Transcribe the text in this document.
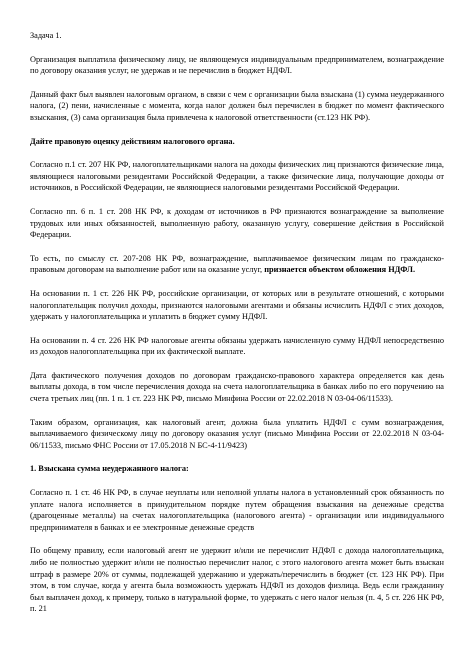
Задача 1.

Организация выплатила физическому лицу, не являющемуся индивидуальным предпринимателем, вознаграждение по договору оказания услуг, не удержав и не перечислив в бюджет НДФЛ.

Данный факт был выявлен налоговым органом, в связи с чем с организации была взыскана (1) сумма неудержанного налога, (2) пени, начисленные с момента, когда налог должен был перечислен в бюджет по момент фактического взыскания, (3) сама организация была привлечена к налоговой ответственности (ст.123 НК РФ).

Дайте правовую оценку действиям налогового органа.

Согласно п.1 ст. 207 НК РФ, налогоплательщиками налога на доходы физических лиц признаются физические лица, являющиеся налоговыми резидентами Российской Федерации, а также физические лица, получающие доходы от источников, в Российской Федерации, не являющиеся налоговыми резидентами Российской Федерации.

Согласно пп. 6 п. 1 ст. 208 НК РФ, к доходам от источников в РФ признаются вознаграждение за выполнение трудовых или иных обязанностей, выполненную работу, оказанную услугу, совершение действия в Российской Федерации.

То есть, по смыслу ст. 207-208 НК РФ, вознаграждение, выплачиваемое физическим лицам по гражданско-правовым договорам на выполнение работ или на оказание услуг, признается объектом обложения НДФЛ.

На основании п. 1 ст. 226 НК РФ, российские организации, от которых или в результате отношений, с которыми налогоплательщик получил доходы, признаются налоговыми агентами и обязаны исчислить НДФЛ с этих доходов, удержать у налогоплательщика и уплатить в бюджет сумму НДФЛ.

На основании п. 4 ст. 226 НК РФ налоговые агенты обязаны удержать начисленную сумму НДФЛ непосредственно из доходов налогоплательщика при их фактической выплате.

Дата фактического получения доходов по договорам гражданско-правового характера определяется как день выплаты дохода, в том числе перечисления дохода на счета налогоплательщика в банках либо по его поручению на счета третьих лиц (пп. 1 п. 1 ст. 223 НК РФ, письмо Минфина России от 22.02.2018 N 03-04-06/11533).

Таким образом, организация, как налоговый агент, должна была уплатить НДФЛ с сумм вознаграждения, выплачиваемого физическому лицу по договору оказания услуг (письмо Минфина России от 22.02.2018 N 03-04-06/11533, письмо ФНС России от 17.05.2018 N БС-4-11/9423)

1. Взыскана сумма неудержанного налога:

Согласно п. 1 ст. 46 НК РФ, в случае неуплаты или неполной уплаты налога в установленный срок обязанность по уплате налога исполняется в принудительном порядке путем обращения взыскания на денежные средства (драгоценные металлы) на счетах налогоплательщика (налогового агента) - организации или индивидуального предпринимателя в банках и ее электронные денежные средств

По общему правилу, если налоговый агент не удержит и/или не перечислит НДФЛ с дохода налогоплательщика, либо не полностью удержит и/или не полностью перечислит налог, с этого налогового агента может быть взыскан штраф в размере 20% от суммы, подлежащей удержанию и удержать/перечислить в бюджет (ст. 123 НК РФ). При этом, в том случае, когда у агента была возможность удержать НДФЛ из доходов физлица. Ведь если гражданину был выплачен доход, к примеру, только в натуральной форме, то удержать с него налог нельзя (п. 4, 5 ст. 226 НК РФ, п. 21
